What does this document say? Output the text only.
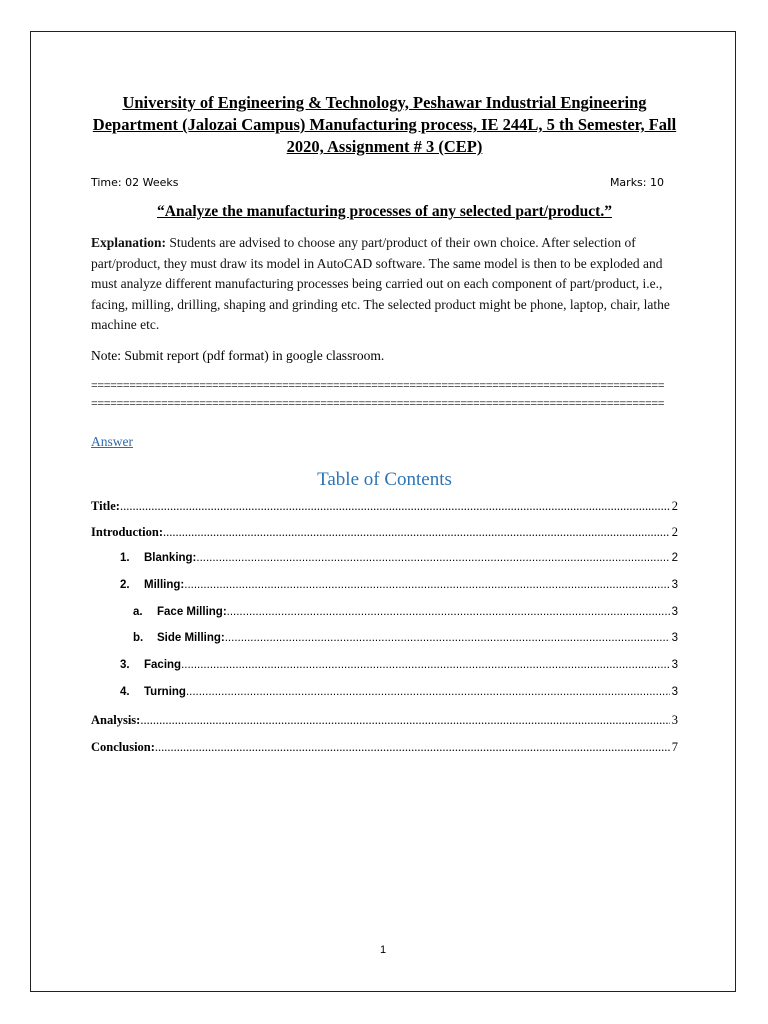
University of Engineering & Technology, Peshawar Industrial Engineering Department (Jalozai Campus) Manufacturing process, IE 244L, 5 th Semester, Fall 2020, Assignment # 3 (CEP)

Time: 02 Weeks	Marks: 10
“Analyze the manufacturing processes of any selected part/product.”
Explanation: Students are advised to choose any part/product of their own choice. After selection of part/product, they must draw its model in AutoCAD software. The same model is then to be exploded and must analyze different manufacturing processes being carried out on each component of part/product, i.e., facing, milling, drilling, shaping and grinding etc. The selected product might be phone, laptop, chair, lathe machine etc.
Note: Submit report (pdf format) in google classroom.
==========================================================================================
==========================================================================================
Answer
Table of Contents
Title: .....	2
Introduction: .....	2
1.	Blanking: .....	2
2.	Milling: .....	3
a.	Face Milling: .....	3
b.	Side Milling: .....	3
3.	Facing .....	3
4.	Turning .....	3
Analysis: .....	3
Conclusion: .....	7
1
